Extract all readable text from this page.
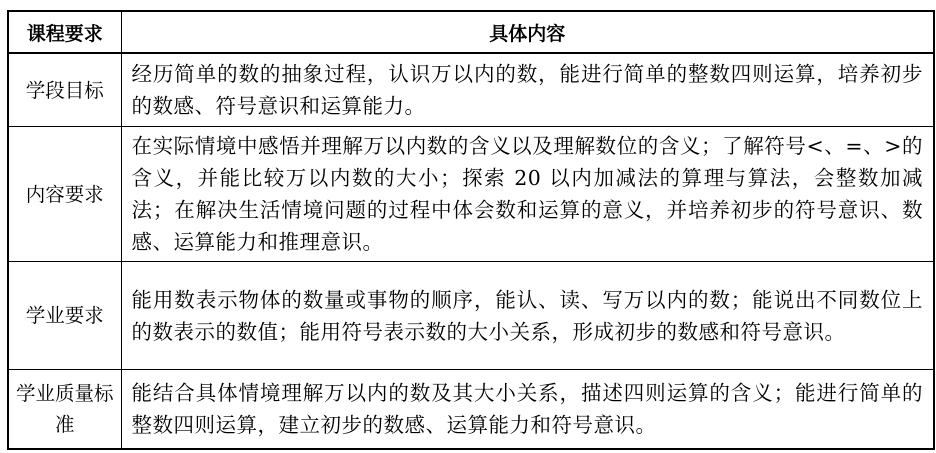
课程要求	具体内容
学段目标	经历简单的数的抽象过程，认识万以内的数，能进行简单的整数四则运算，培养初步的数感、符号意识和运算能力。
内容要求	在实际情境中感悟并理解万以内数的含义以及理解数位的含义；了解符号<、=、>的含义，并能比较万以内数的大小；探索 20 以内加减法的算理与算法，会整数加减法；在解决生活情境问题的过程中体会数和运算的意义，并培养初步的符号意识、数感、运算能力和推理意识。
学业要求	能用数表示物体的数量或事物的顺序，能认、读、写万以内的数；能说出不同数位上的数表示的数值；能用符号表示数的大小关系，形成初步的数感和符号意识。
学业质量标准	能结合具体情境理解万以内的数及其大小关系，描述四则运算的含义；能进行简单的整数四则运算，建立初步的数感、运算能力和符号意识。
